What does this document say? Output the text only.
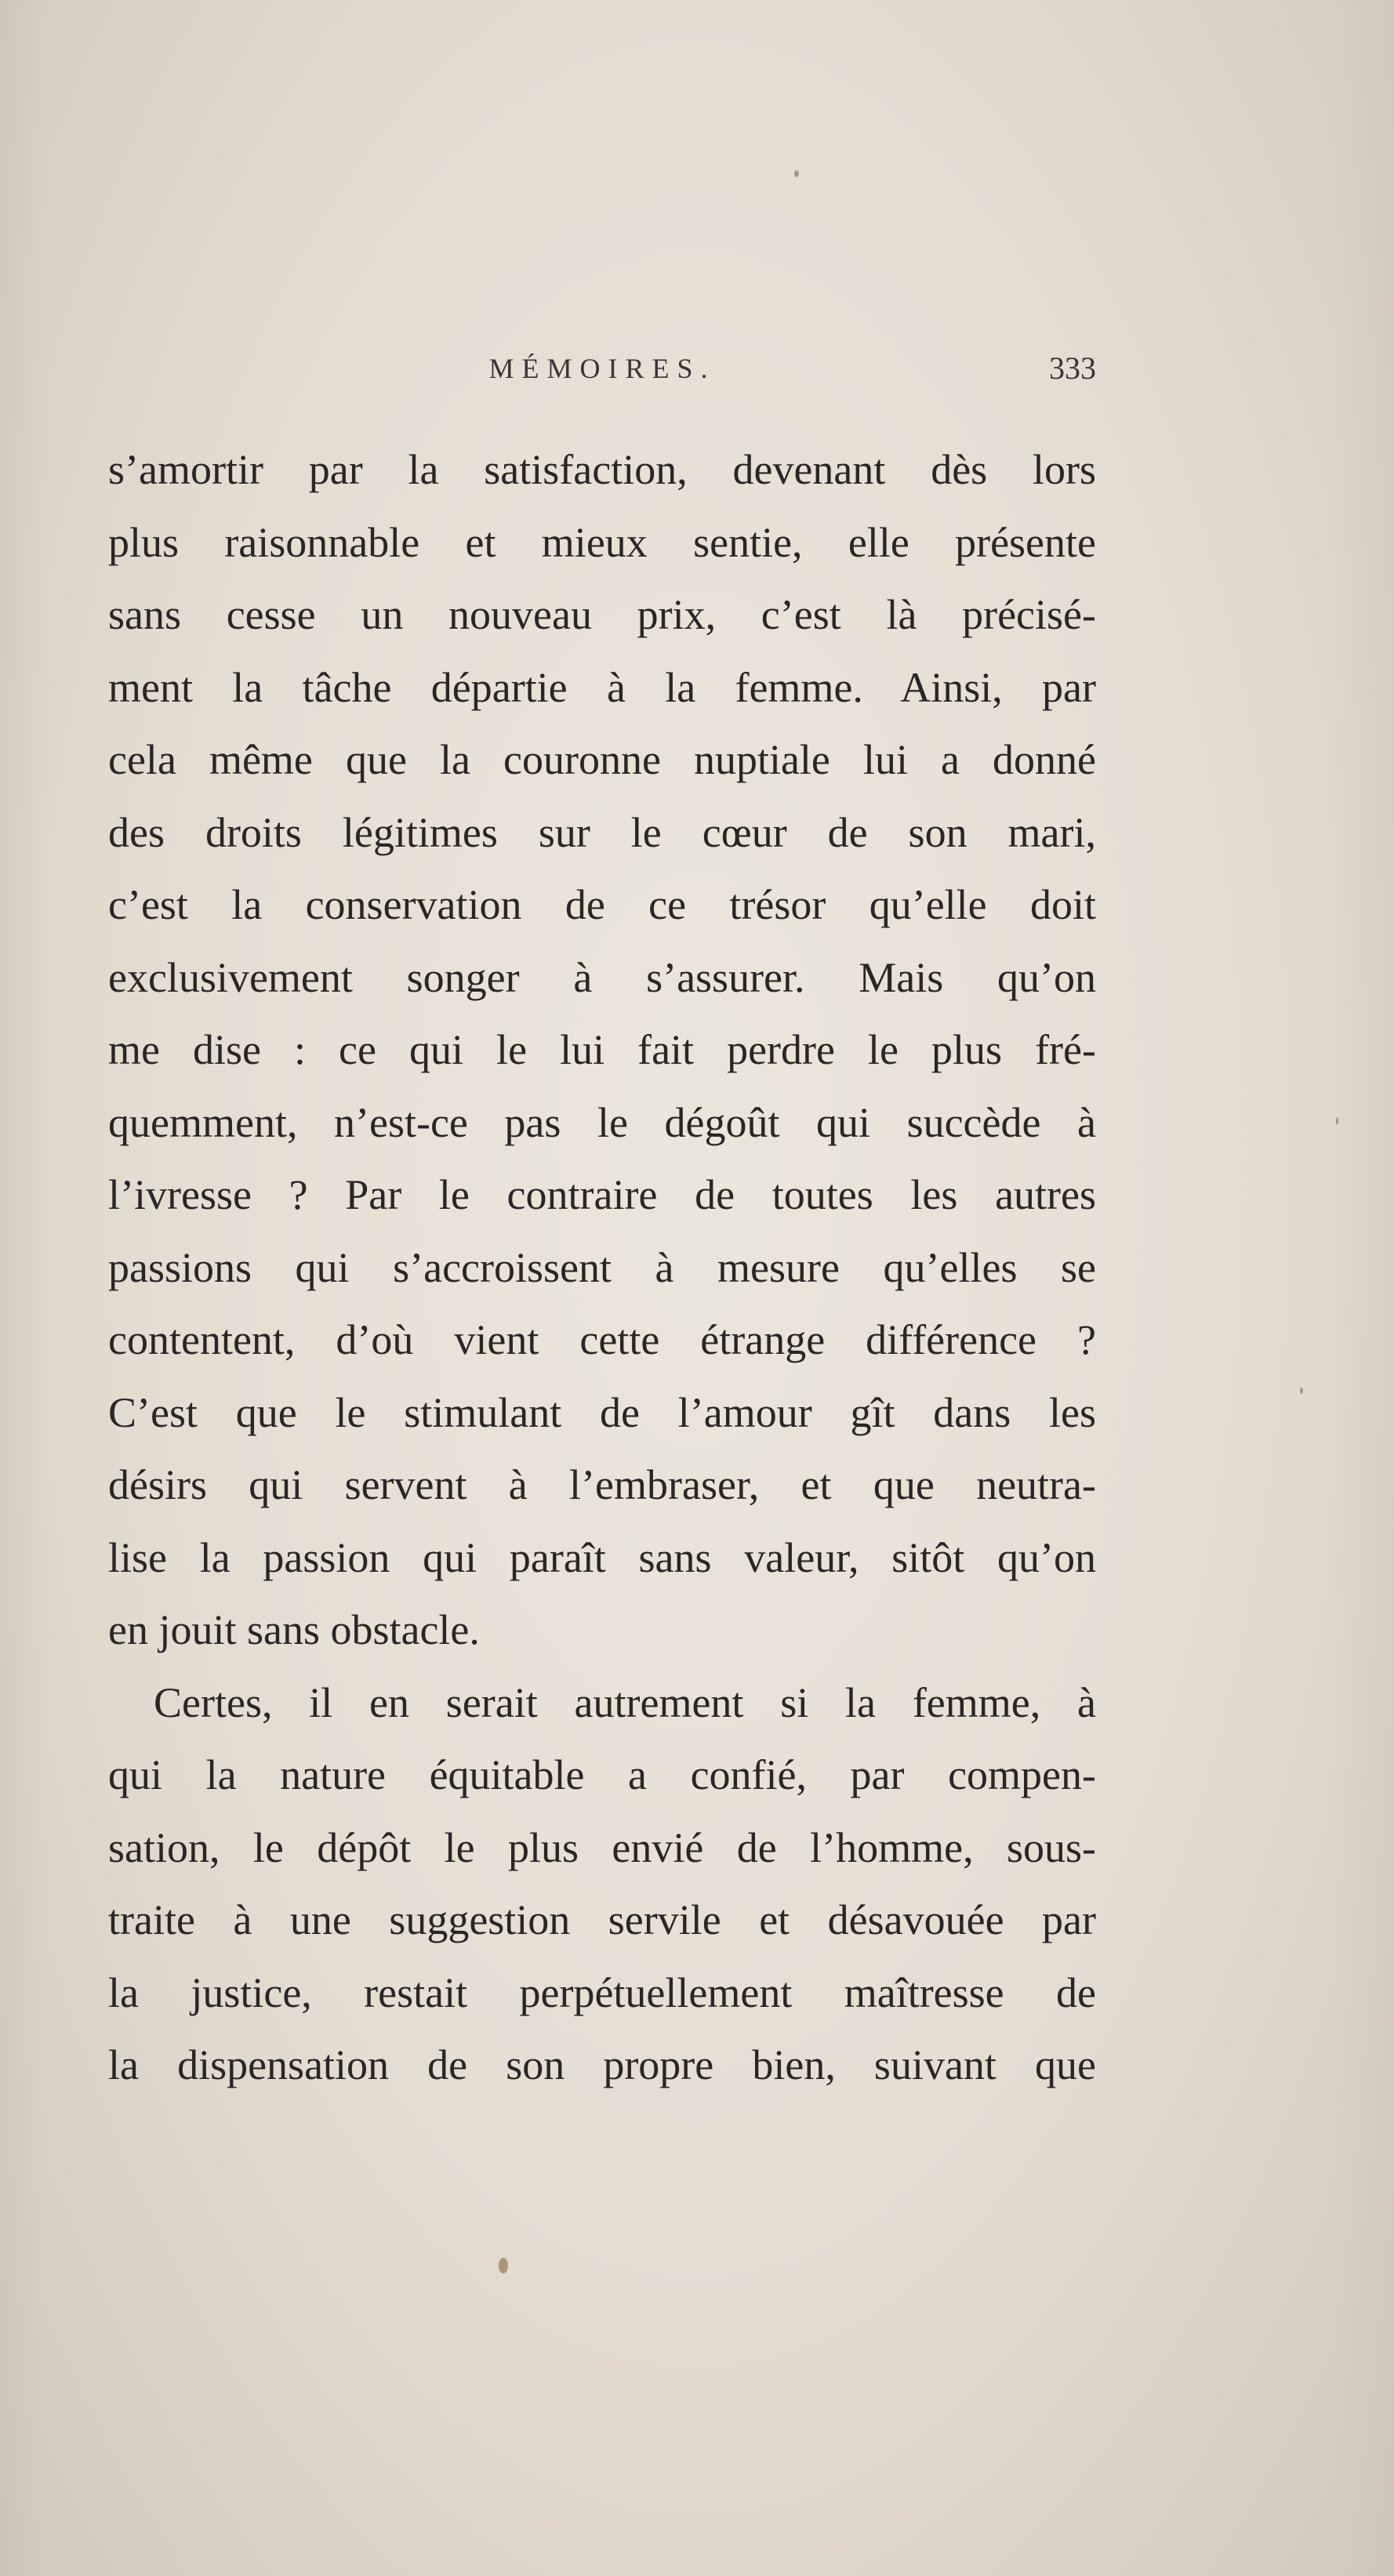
MÉMOIRES.	333
s’amortir par la satisfaction, devenant dès lors
plus raisonnable et mieux sentie, elle présente
sans cesse un nouveau prix, c’est là précisé-
ment la tâche départie à la femme. Ainsi, par
cela même que la couronne nuptiale lui a donné
des droits légitimes sur le cœur de son mari,
c’est la conservation de ce trésor qu’elle doit
exclusivement songer à s’assurer. Mais qu’on
me dise : ce qui le lui fait perdre le plus fré-
quemment, n’est-ce pas le dégoût qui succède à
l’ivresse ? Par le contraire de toutes les autres
passions qui s’accroissent à mesure qu’elles se
contentent, d’où vient cette étrange différence ?
C’est que le stimulant de l’amour gît dans les
désirs qui servent à l’embraser, et que neutra-
lise la passion qui paraît sans valeur, sitôt qu’on
en jouit sans obstacle.
Certes, il en serait autrement si la femme, à
qui la nature équitable a confié, par compen-
sation, le dépôt le plus envié de l’homme, sous-
traite à une suggestion servile et désavouée par
la justice, restait perpétuellement maîtresse de
la dispensation de son propre bien, suivant que
